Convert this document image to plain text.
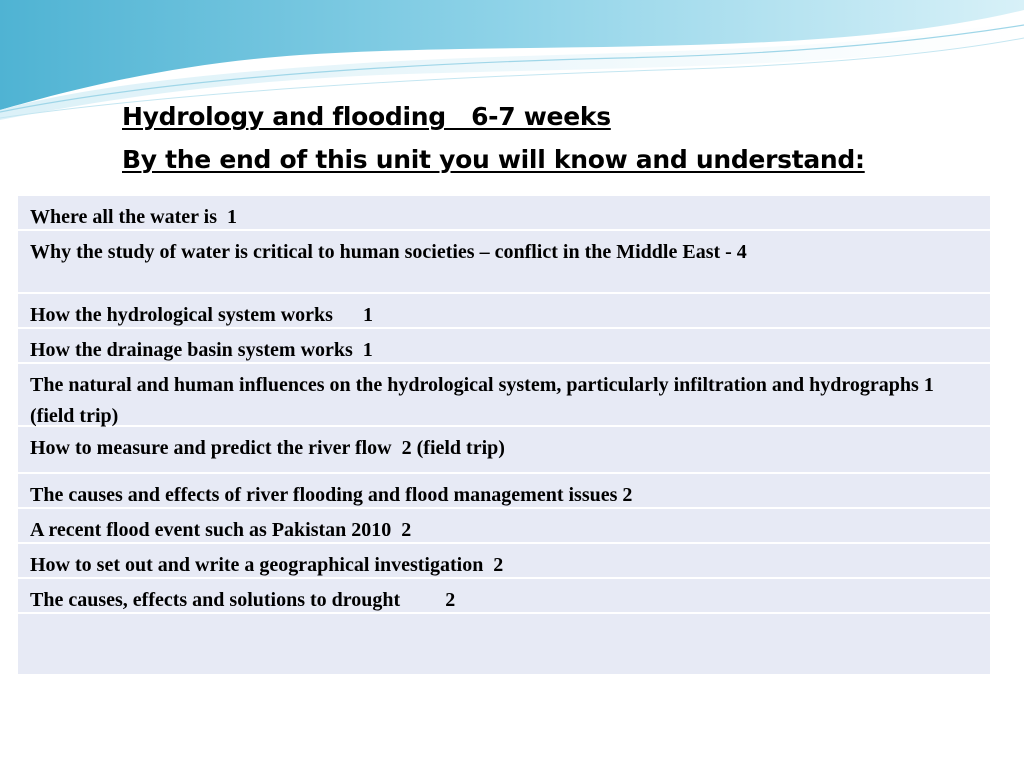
Hydrology and flooding   6-7 weeks
By the end of this unit you will know and understand:
Where all the water is  1
Why the study of water is critical to human societies – conflict in the Middle East - 4
How the hydrological system works      1
How the drainage basin system works  1
The natural and human influences on the hydrological system, particularly infiltration and hydrographs 1 (field trip)
How to measure and predict the river flow  2 (field trip)
The causes and effects of river flooding and flood management issues 2
A recent flood event such as Pakistan 2010  2
How to set out and write a geographical investigation  2
The causes, effects and solutions to drought         2
